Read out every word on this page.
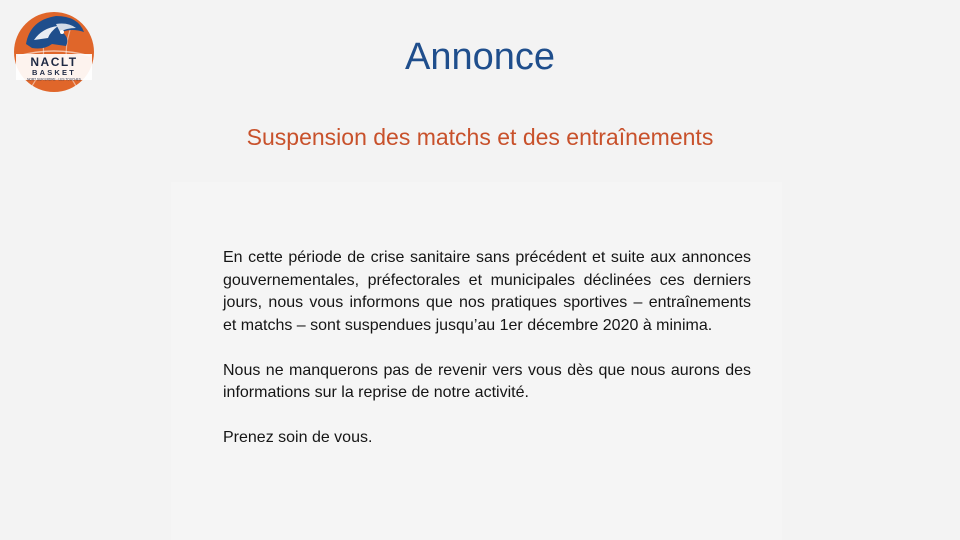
NACLT
BASKET
NORT SUR ERDRE - LES TOUCHES
Annonce
Suspension des matchs et des entraînements

En cette période de crise sanitaire sans précédent et suite aux annonces gouvernementales, préfectorales et municipales déclinées ces derniers jours, nous vous informons que nos pratiques sportives – entraînements et matchs – sont suspendues jusqu’au 1er décembre 2020 à minima.

Nous ne manquerons pas de revenir vers vous dès que nous aurons des informations sur la reprise de notre activité.

Prenez soin de vous.
